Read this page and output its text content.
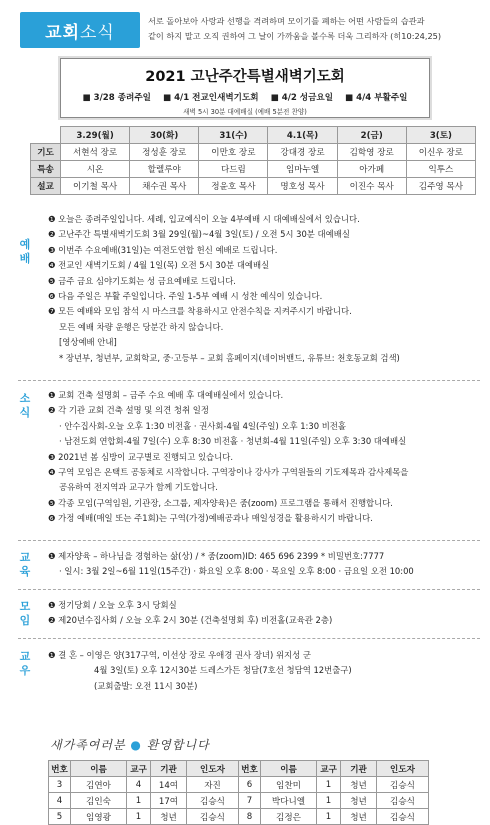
교회 소식
서로 돌아보아 사랑과 선행을 격려하며 모이기를 폐하는 어떤 사람들의 습관과
같이 하지 말고 오직 권하여 그 날이 가까움을 볼수록 더욱 그리하자 (히10:24,25)
2021 고난주간특별새벽기도회
■ 3/28 종려주일	■ 4/1 전교인새벽기도회	■ 4/2 성금요일	■ 4/4 부활주일
새벽 5시 30분 대예배실 (예배 5분전 찬양)
	3.29(월)	30(화)	31(수)	4.1(목)	2(금)	3(토)
기도	서현석 장로	정성훈 장로	이만호 장로	강대경 장로	김학영 장로	이신우 장로
특송	시온	할렐루야	다드림	임마누엘	아가페	익투스
설교	이기철 목사	채수권 목사	정윤호 목사	명호성 목사	이진수 목사	김주영 목사
예
배
❶ 오늘은 종려주일입니다. 세례, 입교예식이 오늘 4부예배 시 대예배실에서 있습니다.
❷ 고난주간 특별새벽기도회 3월 29일(월)~4월 3일(토) / 오전 5시 30분 대예배실
❸ 이번주 수요예배(31일)는 여전도연합 헌신 예배로 드립니다.
❹ 전교인 새벽기도회 / 4월 1일(목) 오전 5시 30분 대예배실
❺ 금주 금요 심야기도회는 성 금요예배로 드립니다.
❻ 다음 주일은 부활 주일입니다. 주일 1-5부 예배 시 성찬 예식이 있습니다.
❼ 모든 예배와 모임 참석 시 마스크를 착용하시고 안전수칙을 지켜주시기 바랍니다.
모든 예배 차량 운행은 당분간 하지 않습니다.
[영상예배 안내]
* 장년부, 청년부, 교회학교, 중·고등부 – 교회 홈페이지(네이버밴드, 유튜브: 천호동교회 검색)
소
식
❶ 교회 건축 설명회 – 금주 수요 예배 후 대예배실에서 있습니다.
❷ 각 기관 교회 건축 설명 및 의견 청취 일정
· 안수집사회-오늘 오후 1:30 비전홀 · 권사회-4월 4일(주일) 오후 1:30 비전홀
· 남전도회 연합회-4월 7일(수) 오후 8:30 비전홀 · 청년회-4월 11일(주일) 오후 3:30 대예배실
❸ 2021년 봄 심방이 교구별로 진행되고 있습니다.
❹ 구역 모임은 온택트 공동체로 시작합니다. 구역장이나 강사가 구역원들의 기도제목과 감사제목을
공유하여 전지역과 교구가 함께 기도합니다.
❺ 각종 모임(구역임원, 기관장, 소그룹, 제자양육)은 줌(zoom) 프로그램을 통해서 진행합니다.
❻ 가정 예배(매일 또는 주1회)는 구역(가정)예배공과나 매일성경을 활용하시기 바랍니다.
교
육
❶ 제자양육 – 하나님을 경험하는 삶(상) / * 줌(zoom)ID: 465 696 2399 * 비밀번호:7777
· 일시: 3월 2일~6월 11일(15주간) · 화요일 오후 8:00 · 목요일 오후 8:00 · 금요일 오전 10:00
모
임
❶ 정기당회 / 오늘 오후 3시 당회실
❷ 제20년수집사회 / 오늘 오후 2시 30분 (건축설명회 후) 비전홀(교육관 2층)
교
우
❶ 결 혼 – 이영은 양(317구역, 이선상 장로 우애경 권사 장녀) 위지성 군
4월 3일(토) 오후 12시30분 드레스가든 청담(7호선 청담역 12번출구)
(교회출발: 오전 11시 30분)
새가족여러분 ● 환영합니다
번호	이름	교구	기관	인도자	번호	이름	교구	기관	인도자
3	김연아	4	14여	자진	6	임찬미	1	청년	김승식
4	김인숙	1	17여	김승식	7	박다니엘	1	청년	김승식
5	임영광	1	청년	김승식	8	김정은	1	청년	김승식
